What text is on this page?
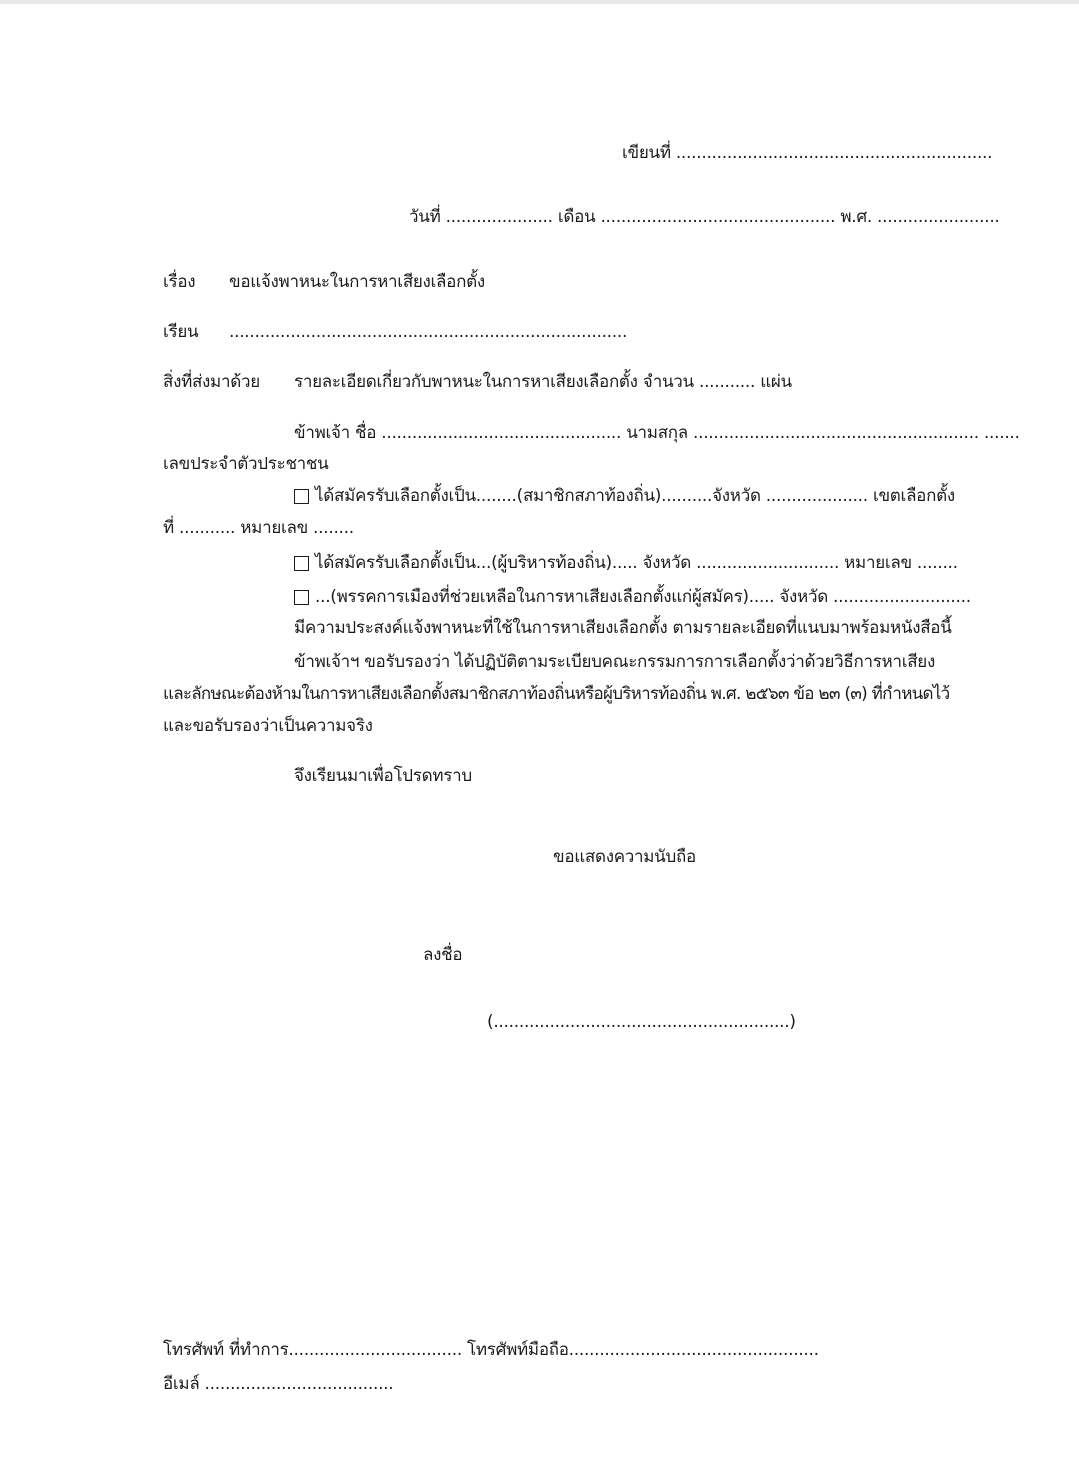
เขียนที่ ..............................................................
วันที่ ..................... เดือน .............................................. พ.ศ. ........................
เรื่อง ขอแจ้งพาหนะในการหาเสียงเลือกตั้ง
เรียน ..............................................................................
สิ่งที่ส่งมาด้วย รายละเอียดเกี่ยวกับพาหนะในการหาเสียงเลือกตั้ง จำนวน ........... แผ่น
ข้าพเจ้า ชื่อ ............................................... นามสกุล ........................................................ .......
เลขประจำตัวประชาชน
ได้สมัครรับเลือกตั้งเป็น........(สมาชิกสภาท้องถิ่น)..........จังหวัด .................... เขตเลือกตั้ง
ที่ ........... หมายเลข ........
ได้สมัครรับเลือกตั้งเป็น...(ผู้บริหารท้องถิ่น)..... จังหวัด ............................ หมายเลข ........
...(พรรคการเมืองที่ช่วยเหลือในการหาเสียงเลือกตั้งแก่ผู้สมัคร)..... จังหวัด ...........................
มีความประสงค์แจ้งพาหนะที่ใช้ในการหาเสียงเลือกตั้ง ตามรายละเอียดที่แนบมาพร้อมหนังสือนี้
ข้าพเจ้าฯ ขอรับรองว่า ได้ปฏิบัติตามระเบียบคณะกรรมการการเลือกตั้งว่าด้วยวิธีการหาเสียง
และลักษณะต้องห้ามในการหาเสียงเลือกตั้งสมาชิกสภาท้องถิ่นหรือผู้บริหารท้องถิ่น พ.ศ. ๒๕๖๓ ข้อ ๒๓ (๓) ที่กำหนดไว้
และขอรับรองว่าเป็นความจริง
จึงเรียนมาเพื่อโปรดทราบ
ขอแสดงความนับถือ
ลงชื่อ
(..........................................................)
โทรศัพท์ ที่ทำการ.................................. โทรศัพท์มือถือ.................................................
อีเมล์ .....................................
